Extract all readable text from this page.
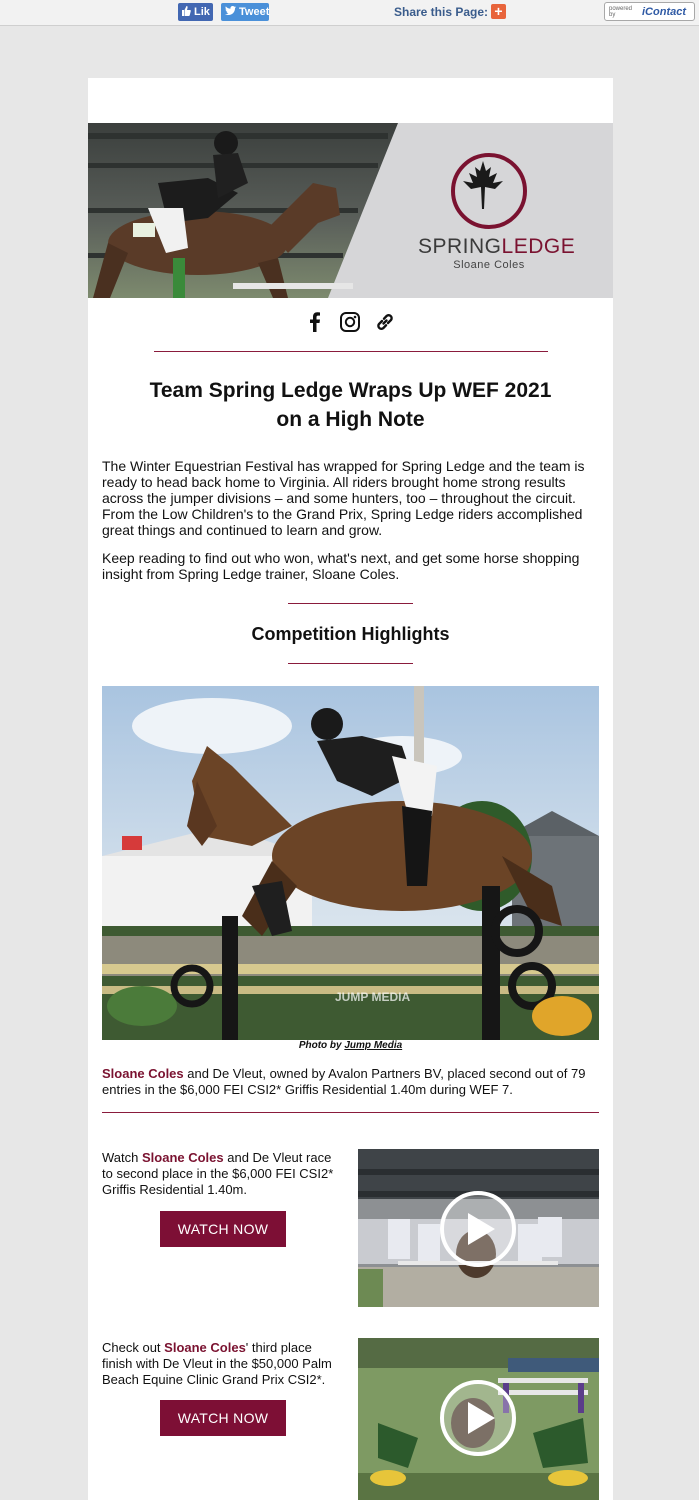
Lik	Tweet	Share this Page: +	powered by	iContact
SPRINGLEDGE
Sloane Coles
Team Spring Ledge Wraps Up WEF 2021
on a High Note

The Winter Equestrian Festival has wrapped for Spring Ledge and the team is ready to head back home to Virginia. All riders brought home strong results across the jumper divisions – and some hunters, too – throughout the circuit. From the Low Children's to the Grand Prix, Spring Ledge riders accomplished great things and continued to learn and grow.

Keep reading to find out who won, what's next, and get some horse shopping insight from Spring Ledge trainer, Sloane Coles.

Competition Highlights
JUMP MEDIA
Photo by Jump Media

Sloane Coles and De Vleut, owned by Avalon Partners BV, placed second out of 79 entries in the $6,000 FEI CSI2* Griffis Residential 1.40m during WEF 7.

Watch Sloane Coles and De Vleut race to second place in the $6,000 FEI CSI2* Griffis Residential 1.40m.

WATCH NOW

Check out Sloane Coles' third place finish with De Vleut in the $50,000 Palm Beach Equine Clinic Grand Prix CSI2*.

WATCH NOW
